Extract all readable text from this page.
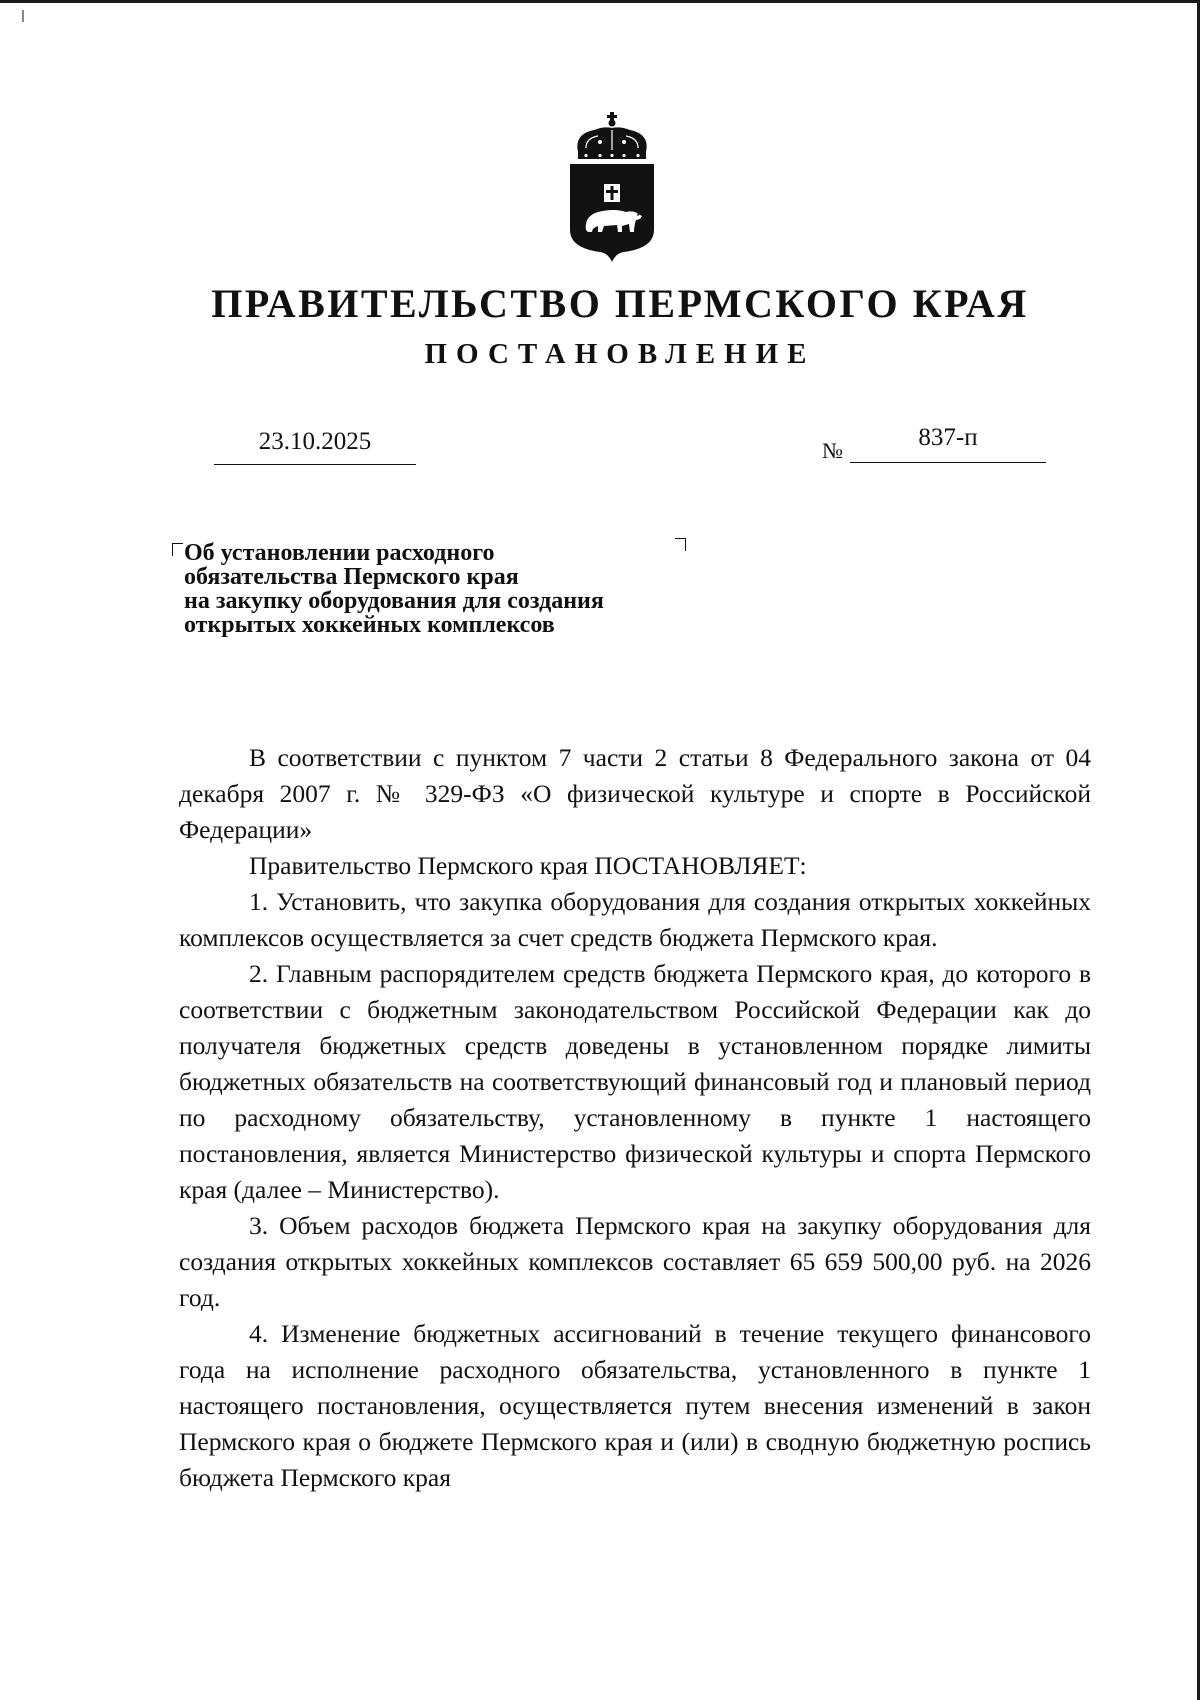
ПРАВИТЕЛЬСТВО ПЕРМСКОГО КРАЯ
ПОСТАНОВЛЕНИЕ
23.10.2025	№	837-п
Об установлении расходного
обязательства Пермского края
на закупку оборудования для создания
открытых хоккейных комплексов

В соответствии с пунктом 7 части 2 статьи 8 Федерального закона от 04 декабря 2007 г. № 329-ФЗ «О физической культуре и спорте в Российской Федерации»

Правительство Пермского края ПОСТАНОВЛЯЕТ:

1. Установить, что закупка оборудования для создания открытых хоккейных комплексов осуществляется за счет средств бюджета Пермского края.

2. Главным распорядителем средств бюджета Пермского края, до которого в соответствии с бюджетным законодательством Российской Федерации как до получателя бюджетных средств доведены в установленном порядке лимиты бюджетных обязательств на соответствующий финансовый год и плановый период по расходному обязательству, установленному в пункте 1 настоящего постановления, является Министерство физической культуры и спорта Пермского края (далее – Министерство).

3. Объем расходов бюджета Пермского края на закупку оборудования для создания открытых хоккейных комплексов составляет 65 659 500,00 руб. на 2026 год.

4. Изменение бюджетных ассигнований в течение текущего финансового года на исполнение расходного обязательства, установленного в пункте 1 настоящего постановления, осуществляется путем внесения изменений в закон Пермского края о бюджете Пермского края и (или) в сводную бюджетную роспись бюджета Пермского края
